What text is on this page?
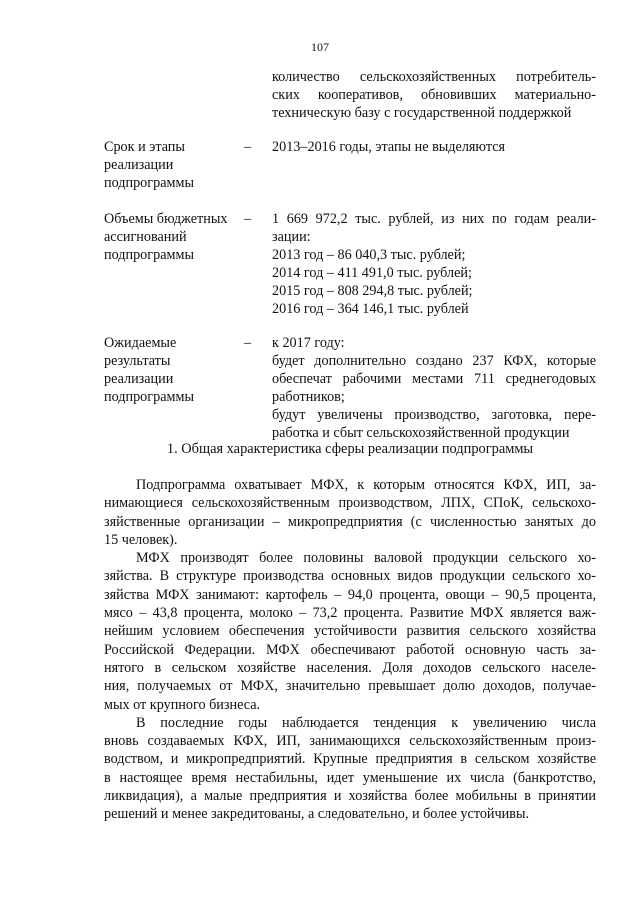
107
количество сельскохозяйственных потребитель-
ских кооперативов, обновивших материально-
техническую базу с государственной поддержкой
Срок и этапы
реализации
подпрограммы
– 2013–2016 годы, этапы не выделяются
Объемы бюджетных
ассигнований
подпрограммы
– 1 669 972,2 тыс. рублей, из них по годам реали-
зации:
2013 год – 86 040,3 тыс. рублей;
2014 год – 411 491,0 тыс. рублей;
2015 год – 808 294,8 тыс. рублей;
2016 год – 364 146,1 тыс. рублей
Ожидаемые
результаты
реализации
подпрограммы
– к 2017 году:
будет дополнительно создано 237 КФХ, которые
обеспечат рабочими местами 711 среднегодовых
работников;
будут увеличены производство, заготовка, пере-
работка и сбыт сельскохозяйственной продукции
1. Общая характеристика сферы реализации подпрограммы

Подпрограмма охватывает МФХ, к которым относятся КФХ, ИП, за-
нимающиеся сельскохозяйственным производством, ЛПХ, СПоК, сельскохо-
зяйственные организации – микропредприятия (с численностью занятых до
15 человек).

МФХ производят более половины валовой продукции сельского хо-
зяйства. В структуре производства основных видов продукции сельского хо-
зяйства МФХ занимают: картофель – 94,0 процента, овощи – 90,5 процента,
мясо – 43,8 процента, молоко – 73,2 процента. Развитие МФХ является важ-
нейшим условием обеспечения устойчивости развития сельского хозяйства
Российской Федерации. МФХ обеспечивают работой основную часть за-
нятого в сельском хозяйстве населения. Доля доходов сельского населе-
ния, получаемых от МФХ, значительно превышает долю доходов, получае-
мых от крупного бизнеса.

В последние годы наблюдается тенденция к увеличению числа
вновь создаваемых КФХ, ИП, занимающихся сельскохозяйственным произ-
водством, и микропредприятий. Крупные предприятия в сельском хозяйстве
в настоящее время нестабильны, идет уменьшение их числа (банкротство,
ликвидация), а малые предприятия и хозяйства более мобильны в принятии
решений и менее закредитованы, а следовательно, и более устойчивы.
